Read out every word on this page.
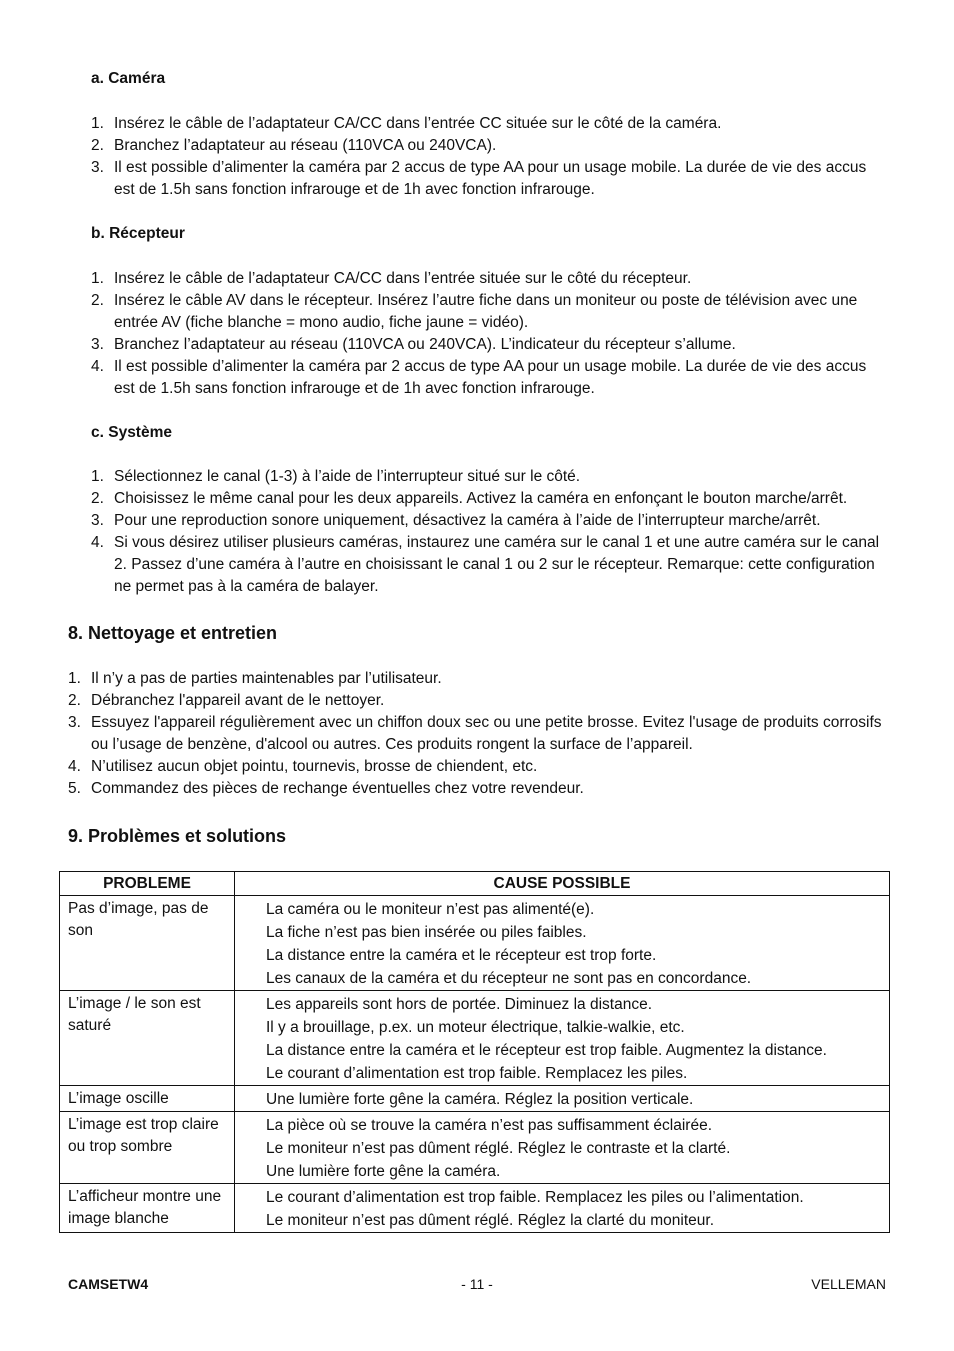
a. Caméra
1. Insérez le câble de l’adaptateur CA/CC dans l’entrée CC située sur le côté de la caméra.
2. Branchez l’adaptateur au réseau (110VCA ou 240VCA).
3. Il est possible d’alimenter la caméra par 2 accus de type AA pour un usage mobile. La durée de vie des accus est de 1.5h sans fonction infrarouge et de 1h avec fonction infrarouge.
b. Récepteur
1. Insérez le câble de l’adaptateur CA/CC dans l’entrée située sur le côté du récepteur.
2. Insérez le câble AV dans le récepteur. Insérez l’autre fiche dans un moniteur ou poste de télévision avec une entrée AV (fiche blanche = mono audio, fiche jaune = vidéo).
3. Branchez l’adaptateur au réseau (110VCA ou 240VCA). L’indicateur du récepteur s’allume.
4. Il est possible d’alimenter la caméra par 2 accus de type AA pour un usage mobile. La durée de vie des accus est de 1.5h sans fonction infrarouge et de 1h avec fonction infrarouge.
c. Système
1. Sélectionnez le canal (1-3) à l’aide de l’interrupteur situé sur le côté.
2. Choisissez le même canal pour les deux appareils. Activez la caméra en enfonçant le bouton marche/arrêt.
3. Pour une reproduction sonore uniquement, désactivez la caméra à l’aide de l’interrupteur marche/arrêt.
4. Si vous désirez utiliser plusieurs caméras, instaurez une caméra sur le canal 1 et une autre caméra sur le canal 2. Passez d’une caméra à l’autre en choisissant le canal 1 ou 2 sur le récepteur. Remarque: cette configuration ne permet pas à la caméra de balayer.
8. Nettoyage et entretien
1. Il n’y a pas de parties maintenables par l’utilisateur.
2. Débranchez l'appareil avant de le nettoyer.
3. Essuyez l'appareil régulièrement avec un chiffon doux sec ou une petite brosse. Evitez l'usage de produits corrosifs ou l’usage de benzène, d'alcool ou autres. Ces produits rongent la surface de l’appareil.
4. N’utilisez aucun objet pointu, tournevis, brosse de chiendent, etc.
5. Commandez des pièces de rechange éventuelles chez votre revendeur.
9. Problèmes et solutions
PROBLEME	CAUSE POSSIBLE
Pas d’image, pas de son	La caméra ou le moniteur n’est pas alimenté(e).
La fiche n’est pas bien insérée ou piles faibles.
La distance entre la caméra et le récepteur est trop forte.
Les canaux de la caméra et du récepteur ne sont pas en concordance.

L’image / le son est saturé	Les appareils sont hors de portée. Diminuez la distance.
Il y a brouillage, p.ex. un moteur électrique, talkie-walkie, etc.
La distance entre la caméra et le récepteur est trop faible. Augmentez la distance.
Le courant d’alimentation est trop faible. Remplacez les piles.

L’image oscille	Une lumière forte gêne la caméra. Réglez la position verticale.

L’image est trop claire ou trop sombre	La pièce où se trouve la caméra n’est pas suffisamment éclairée.
Le moniteur n’est pas dûment réglé. Réglez le contraste et la clarté.
Une lumière forte gêne la caméra.

L’afficheur montre une image blanche	Le courant d’alimentation est trop faible. Remplacez les piles ou l’alimentation.
Le moniteur n’est pas dûment réglé. Réglez la clarté du moniteur.
CAMSETW4	- 11 -	VELLEMAN
